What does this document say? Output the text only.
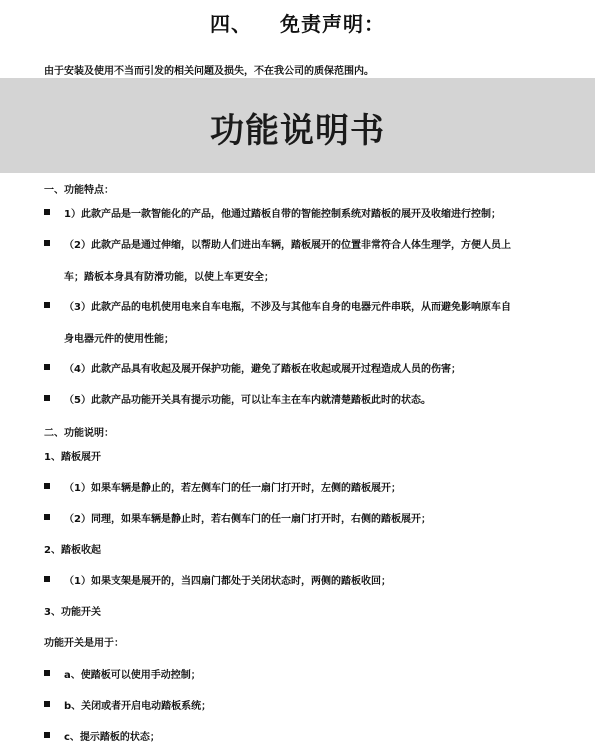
四、 免责声明：
由于安装及使用不当而引发的相关问题及损失，不在我公司的质保范围内。
功能说明书
一、功能特点：
1）此款产品是一款智能化的产品，他通过踏板自带的智能控制系统对踏板的展开及收缩进行控制；
（2）此款产品是通过伸缩，以帮助人们进出车辆，踏板展开的位置非常符合人体生理学，方便人员上
车；踏板本身具有防滑功能，以使上车更安全；
（3）此款产品的电机使用电来自车电瓶，不涉及与其他车自身的电器元件串联，从而避免影响原车自
身电器元件的使用性能；
（4）此款产品具有收起及展开保护功能，避免了踏板在收起或展开过程造成人员的伤害；
（5）此款产品功能开关具有提示功能，可以让车主在车内就清楚踏板此时的状态。
二、功能说明：
1、踏板展开
（1）如果车辆是静止的，若左侧车门的任一扇门打开时，左侧的踏板展开；
（2）同理，如果车辆是静止时，若右侧车门的任一扇门打开时，右侧的踏板展开；
2、踏板收起
（1）如果支架是展开的，当四扇门都处于关闭状态时，两侧的踏板收回；
3、功能开关
功能开关是用于：
a、使踏板可以使用手动控制；
b、关闭或者开启电动踏板系统；
c、提示踏板的状态；
